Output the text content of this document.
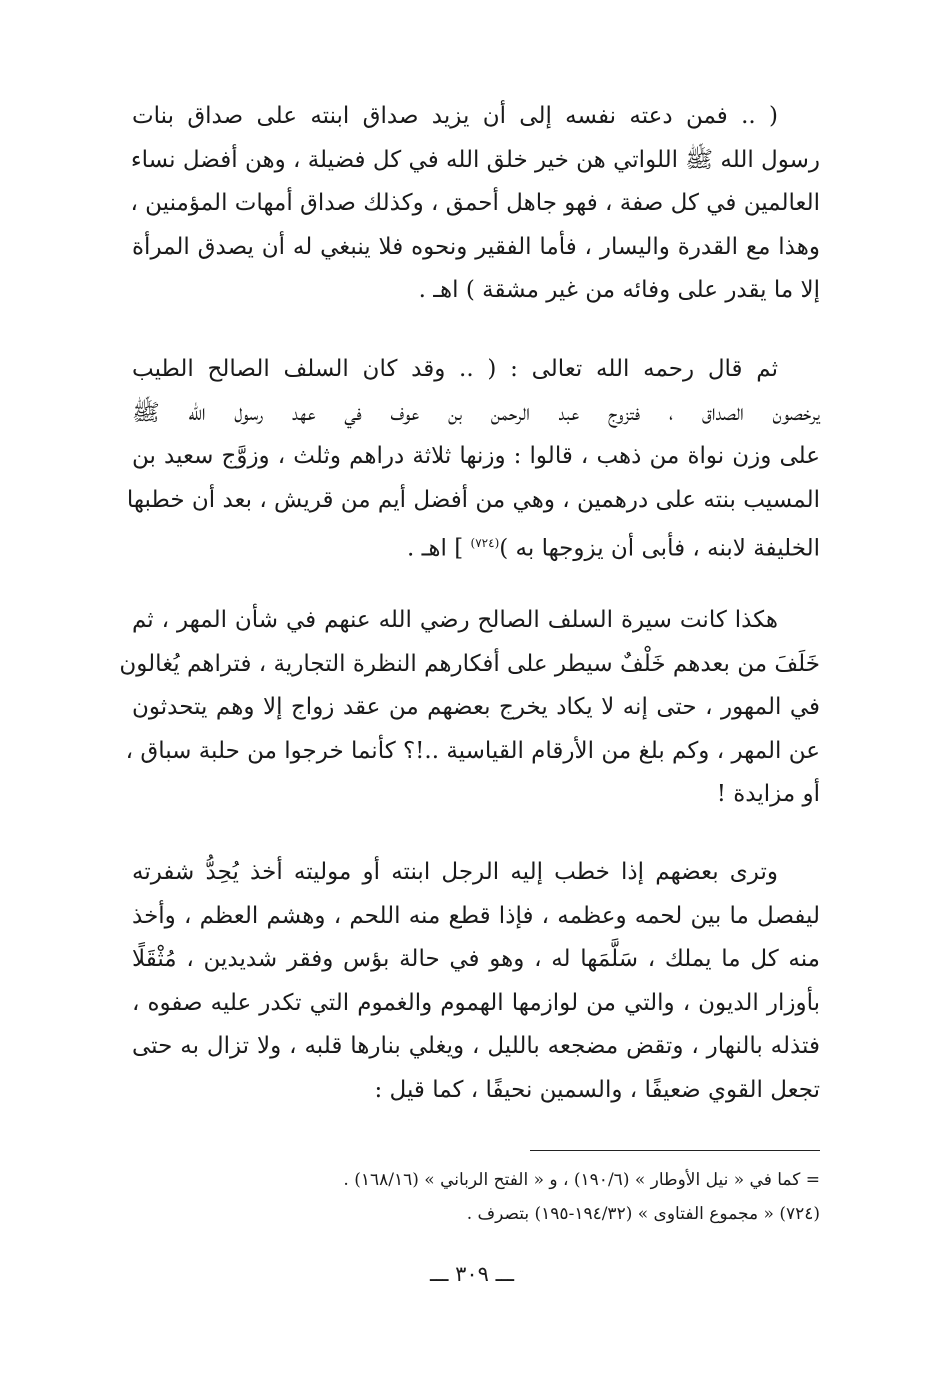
( .. فمن دعته نفسه إلى أن يزيد صداق ابنته على صداق بنات
رسول الله ﷺ اللواتي هن خير خلق الله في كل فضيلة ، وهن أفضل نساء
العالمين في كل صفة ، فهو جاهل أحمق ، وكذلك صداق أمهات المؤمنين ،
وهذا مع القدرة واليسار ، فأما الفقير ونحوه فلا ينبغي له أن يصدق المرأة
إلا ما يقدر على وفائه من غير مشقة ) اهـ .

ثم قال رحمه الله تعالى : ( .. وقد كان السلف الصالح الطيب
يرخصون الصداق ، فتزوج عبد الرحمن بن عوف في عهد رسول الله ﷺ
على وزن نواة من ذهب ، قالوا : وزنها ثلاثة دراهم وثلث ، وزوَّج سعيد بن
المسيب بنته على درهمين ، وهي من أفضل أيم من قريش ، بعد أن خطبها
الخليفة لابنه ، فأبى أن يزوجها به )$^{(٧٢٤)}$ ] اهـ .

هكذا كانت سيرة السلف الصالح رضي الله عنهم في شأن المهر ، ثم
خَلَفَ من بعدهم خَلْفٌ سيطر على أفكارهم النظرة التجارية ، فتراهم يُغالون
في المهور ، حتى إنه لا يكاد يخرج بعضهم من عقد زواج إلا وهم يتحدثون
عن المهر ، وكم بلغ من الأرقام القياسية ..!؟ كأنما خرجوا من حلبة سباق ،
أو مزايدة !

وترى بعضهم إذا خطب إليه الرجل ابنته أو موليته أخذ يُحِدُّ شفرته
ليفصل ما بين لحمه وعظمه ، فإذا قطع منه اللحم ، وهشم العظم ، وأخذ
منه كل ما يملك ، سَلَّمَها له ، وهو في حالة بؤس وفقر شديدين ، مُثْقَلًا
بأوزار الديون ، والتي من لوازمها الهموم والغموم التي تكدر عليه صفوه ،
فتذله بالنهار ، وتقض مضجعه بالليل ، ويغلي بنارها قلبه ، ولا تزال به حتى
تجعل القوي ضعيفًا ، والسمين نحيفًا ، كما قيل :

= كما في « نيل الأوطار » (١٩٠/٦) ، و « الفتح الرباني » (١٦٨/١٦) .
(٧٢٤) « مجموع الفتاوى » (١٩٤/٣٢-١٩٥) بتصرف .
ـــ ٣٠٩ ـــ
